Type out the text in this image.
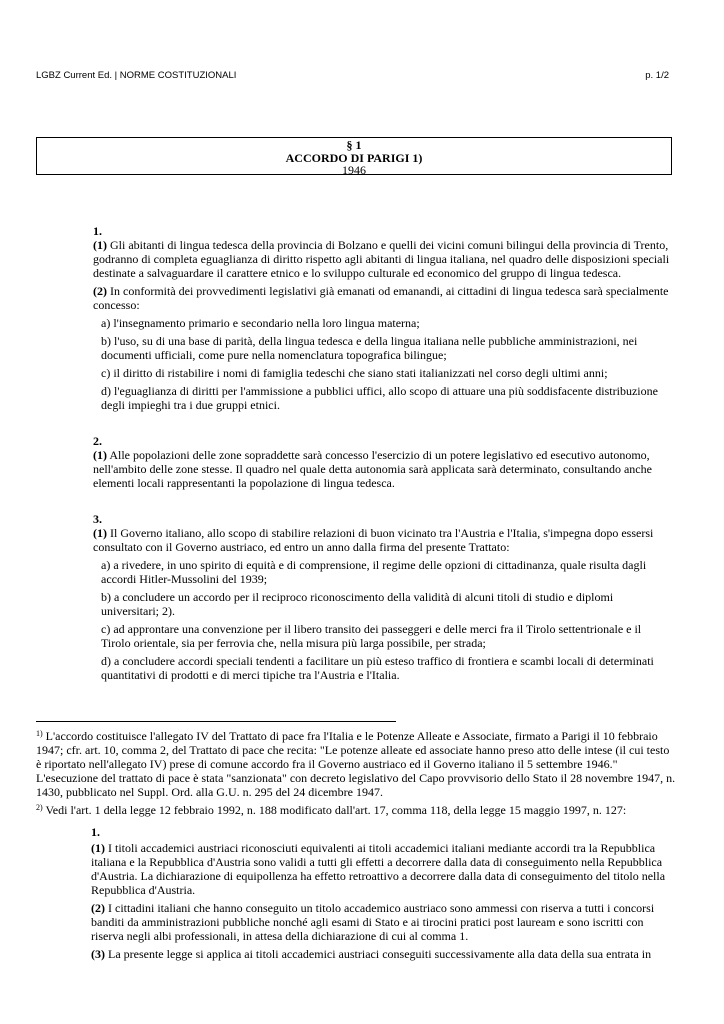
LGBZ Current Ed. | NORME COSTITUZIONALI	p. 1/2
§ 1
ACCORDO DI PARIGI 1)
1946
1.
(1) Gli abitanti di lingua tedesca della provincia di Bolzano e quelli dei vicini comuni bilingui della provincia di Trento, godranno di completa eguaglianza di diritto rispetto agli abitanti di lingua italiana, nel quadro delle disposizioni speciali destinate a salvaguardare il carattere etnico e lo sviluppo culturale ed economico del gruppo di lingua tedesca.
(2) In conformità dei provvedimenti legislativi già emanati od emanandi, ai cittadini di lingua tedesca sarà specialmente concesso:
a) l'insegnamento primario e secondario nella loro lingua materna;
b) l'uso, su di una base di parità, della lingua tedesca e della lingua italiana nelle pubbliche amministrazioni, nei documenti ufficiali, come pure nella nomenclatura topografica bilingue;
c) il diritto di ristabilire i nomi di famiglia tedeschi che siano stati italianizzati nel corso degli ultimi anni;
d) l'eguaglianza di diritti per l'ammissione a pubblici uffici, allo scopo di attuare una più soddisfacente distribuzione degli impieghi tra i due gruppi etnici.
2.
(1) Alle popolazioni delle zone sopraddette sarà concesso l'esercizio di un potere legislativo ed esecutivo autonomo, nell'ambito delle zone stesse. Il quadro nel quale detta autonomia sarà applicata sarà determinato, consultando anche elementi locali rappresentanti la popolazione di lingua tedesca.
3.
(1) Il Governo italiano, allo scopo di stabilire relazioni di buon vicinato tra l'Austria e l'Italia, s'impegna dopo essersi consultato con il Governo austriaco, ed entro un anno dalla firma del presente Trattato:
a) a rivedere, in uno spirito di equità e di comprensione, il regime delle opzioni di cittadinanza, quale risulta dagli accordi Hitler-Mussolini del 1939;
b) a concludere un accordo per il reciproco riconoscimento della validità di alcuni titoli di studio e diplomi universitari; 2).
c) ad approntare una convenzione per il libero transito dei passeggeri e delle merci fra il Tirolo settentrionale e il Tirolo orientale, sia per ferrovia che, nella misura più larga possibile, per strada;
d) a concludere accordi speciali tendenti a facilitare un più esteso traffico di frontiera e scambi locali di determinati quantitativi di prodotti e di merci tipiche tra l'Austria e l'Italia.
$^{1)}$ L'accordo costituisce l'allegato IV del Trattato di pace fra l'Italia e le Potenze Alleate e Associate, firmato a Parigi il 10 febbraio 1947; cfr. art. 10, comma 2, del Trattato di pace che recita: "Le potenze alleate ed associate hanno preso atto delle intese (il cui testo è riportato nell'allegato IV) prese di comune accordo fra il Governo austriaco ed il Governo italiano il 5 settembre 1946." L'esecuzione del trattato di pace è stata "sanzionata" con decreto legislativo del Capo provvisorio dello Stato il 28 novembre 1947, n. 1430, pubblicato nel Suppl. Ord. alla G.U. n. 295 del 24 dicembre 1947.
$^{2)}$ Vedi l'art. 1 della legge 12 febbraio 1992, n. 188 modificato dall'art. 17, comma 118, della legge 15 maggio 1997, n. 127:
1.
(1) I titoli accademici austriaci riconosciuti equivalenti ai titoli accademici italiani mediante accordi tra la Repubblica italiana e la Repubblica d'Austria sono validi a tutti gli effetti a decorrere dalla data di conseguimento nella Repubblica d'Austria. La dichiarazione di equipollenza ha effetto retroattivo a decorrere dalla data di conseguimento del titolo nella Repubblica d'Austria.
(2) I cittadini italiani che hanno conseguito un titolo accademico austriaco sono ammessi con riserva a tutti i concorsi banditi da amministrazioni pubbliche nonché agli esami di Stato e ai tirocini pratici post lauream e sono iscritti con riserva negli albi professionali, in attesa della dichiarazione di cui al comma 1.
(3) La presente legge si applica ai titoli accademici austriaci conseguiti successivamente alla data della sua entrata in
